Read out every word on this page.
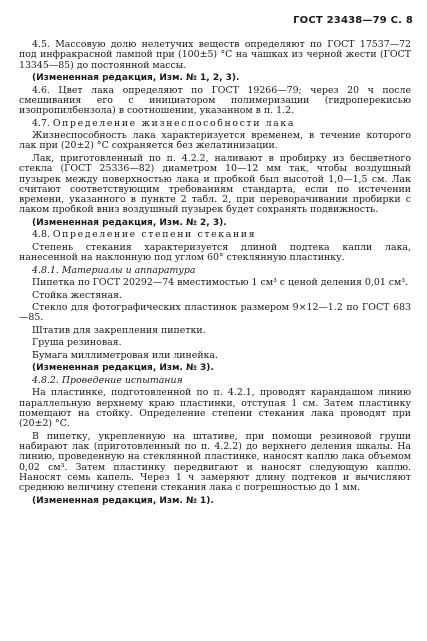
ГОСТ 23438—79 С. 8

4.5. Массовую долю нелетучих веществ определяют по ГОСТ 17537—72 под инфракрасной лампой при (100±5) °С на чашках из черной жести (ГОСТ 13345—85) до постоянной массы.

(Измененная редакция, Изм. № 1, 2, 3).

4.6. Цвет лака определяют по ГОСТ 19266—79; через 20 ч после смешивания его с инициатором полимеризации (гидроперекисью изопропилбензола) в соотношении, указанном в п. 1.2.

4.7. Определение жизнеспособности лака

Жизнеспособность лака характеризуется временем, в течение которого лак при (20±2) °С сохраняется без желатинизации.

Лак, приготовленный по п. 4.2.2, наливают в пробирку из бесцветного стекла (ГОСТ 25336—82) диаметром 10—12 мм так, чтобы воздушный пузырек между поверхностью лака и пробкой был высотой 1,0—1,5 см. Лак считают соответствующим требованиям стандарта, если по истечении времени, указанного в пункте 2 табл. 2, при переворачивании пробирки с лаком пробкой вниз воздушный пузырек будет сохранять подвижность.

(Измененная редакция, Изм. № 2, 3).

4.8. Определение степени стекания

Степень стекания характеризуется длиной подтека капли лака, нанесенной на наклонную под углом 60° стеклянную пластинку.

4.8.1. Материалы и аппаратура

Пипетка по ГОСТ 20292—74 вместимостью 1 см³ с ценой деления 0,01 см³.

Стойка жестяная.

Стекло для фотографических пластинок размером 9×12—1.2 по ГОСТ 683—85.

Штатив для закрепления пипетки.

Груша резиновая.

Бумага миллиметровая или линейка.

(Измененная редакция, Изм. № 3).

4.8.2. Проведение испытания

На пластинке, подготовленной по п. 4.2.1, проводят карандашом линию параллельную верхнему краю пластинки, отступая 1 см. Затем пластинку помещают на стойку. Определение степени стекания лака проводят при (20±2) °С.

В пипетку, укрепленную на штативе, при помощи резиновой груши набирают лак (приготовленный по п. 4.2.2) до верхнего деления шкалы. На линию, проведенную на стеклянной пластинке, наносят каплю лака объемом 0,02 см³. Затем пластинку передвигают и наносят следующую каплю. Наносят семь капель. Через 1 ч замеряют длину подтеков и вычисляют среднюю величину степени стекания лака с погрешностью до 1 мм.

(Измененная редакция, Изм. № 1).
